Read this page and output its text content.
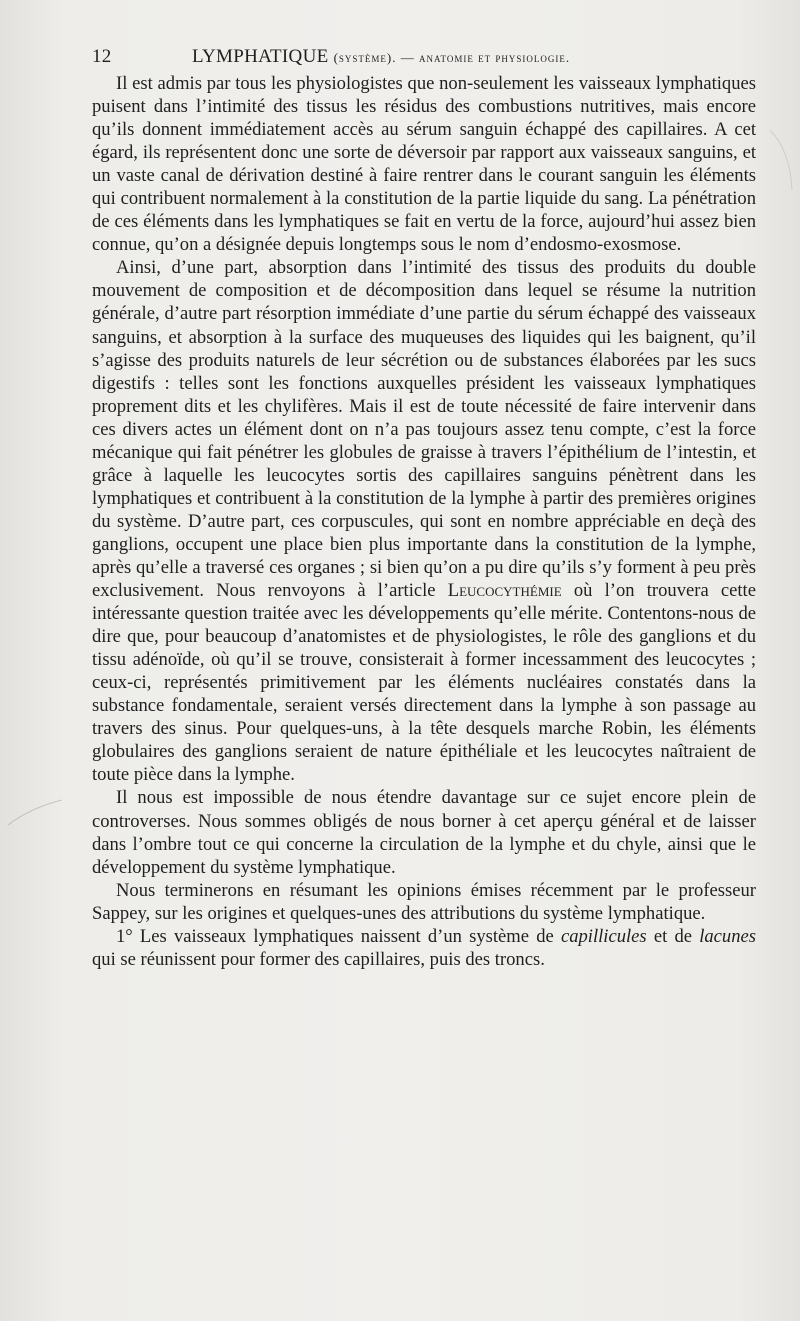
12	LYMPHATIQUE (système). — anatomie et physiologie.

Il est admis par tous les physiologistes que non-seulement les vaisseaux lymphatiques puisent dans l’intimité des tissus les résidus des combustions nutritives, mais encore qu’ils donnent immédiatement accès au sérum sanguin échappé des capillaires. A cet égard, ils représentent donc une sorte de déversoir par rapport aux vaisseaux sanguins, et un vaste canal de dérivation destiné à faire rentrer dans le courant sanguin les éléments qui contribuent normalement à la constitution de la partie liquide du sang. La pénétration de ces éléments dans les lymphatiques se fait en vertu de la force, aujourd’hui assez bien connue, qu’on a désignée depuis longtemps sous le nom d’endosmo-exosmose.

Ainsi, d’une part, absorption dans l’intimité des tissus des produits du double mouvement de composition et de décomposition dans lequel se résume la nutrition générale, d’autre part résorption immédiate d’une partie du sérum échappé des vaisseaux sanguins, et absorption à la surface des muqueuses des liquides qui les baignent, qu’il s’agisse des produits naturels de leur sécrétion ou de substances élaborées par les sucs digestifs : telles sont les fonctions auxquelles président les vaisseaux lymphatiques proprement dits et les chylifères. Mais il est de toute nécessité de faire intervenir dans ces divers actes un élément dont on n’a pas toujours assez tenu compte, c’est la force mécanique qui fait pénétrer les globules de graisse à travers l’épithélium de l’intestin, et grâce à laquelle les leucocytes sortis des capillaires sanguins pénètrent dans les lymphatiques et contribuent à la constitution de la lymphe à partir des premières origines du système. D’autre part, ces corpuscules, qui sont en nombre appréciable en deçà des ganglions, occupent une place bien plus importante dans la constitution de la lymphe, après qu’elle a traversé ces organes ; si bien qu’on a pu dire qu’ils s’y forment à peu près exclusivement. Nous renvoyons à l’article Leucocythémie où l’on trouvera cette intéressante question traitée avec les développements qu’elle mérite. Contentons-nous de dire que, pour beaucoup d’anatomistes et de physiologistes, le rôle des ganglions et du tissu adénoïde, où qu’il se trouve, consisterait à former incessamment des leucocytes ; ceux-ci, représentés primitivement par les éléments nucléaires constatés dans la substance fondamentale, seraient versés directement dans la lymphe à son passage au travers des sinus. Pour quelques-uns, à la tête desquels marche Robin, les éléments globulaires des ganglions seraient de nature épithéliale et les leucocytes naîtraient de toute pièce dans la lymphe.

Il nous est impossible de nous étendre davantage sur ce sujet encore plein de controverses. Nous sommes obligés de nous borner à cet aperçu général et de laisser dans l’ombre tout ce qui concerne la circulation de la lymphe et du chyle, ainsi que le développement du système lymphatique.

Nous terminerons en résumant les opinions émises récemment par le professeur Sappey, sur les origines et quelques-unes des attributions du système lymphatique.

1° Les vaisseaux lymphatiques naissent d’un système de capillicules et de lacunes qui se réunissent pour former des capillaires, puis des troncs.
